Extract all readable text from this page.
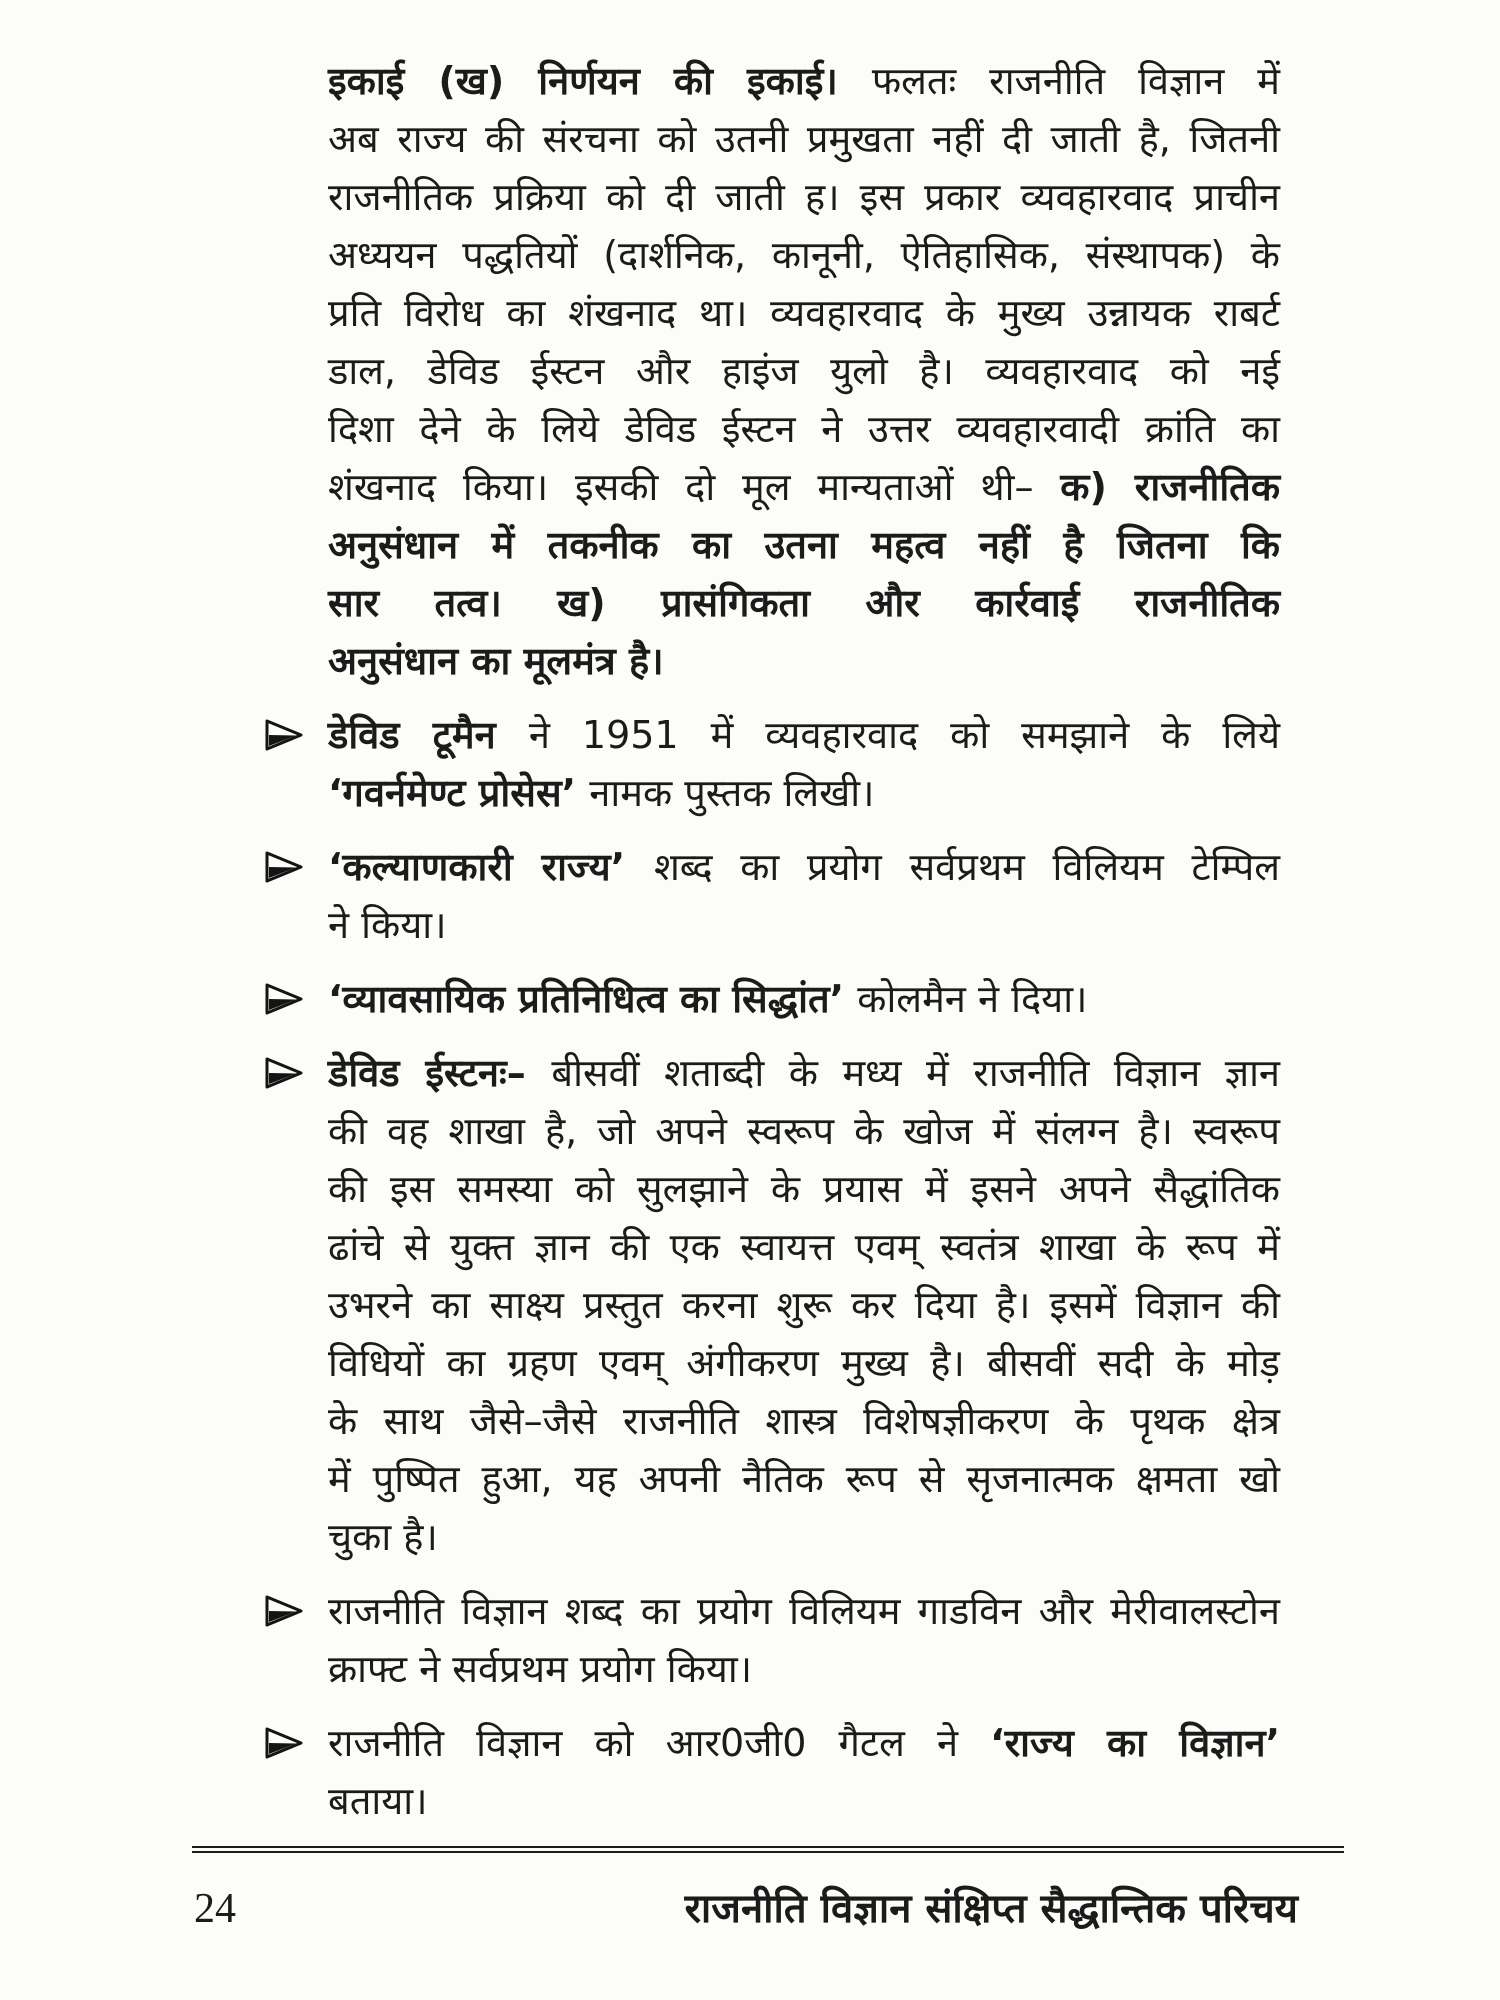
इकाई (ख) निर्णयन की इकाई। फलतः राजनीति विज्ञान में
अब राज्य की संरचना को उतनी प्रमुखता नहीं दी जाती है, जितनी
राजनीतिक प्रक्रिया को दी जाती ह। इस प्रकार व्यवहारवाद प्राचीन
अध्ययन पद्धतियों (दार्शनिक, कानूनी, ऐतिहासिक, संस्थापक) के
प्रति विरोध का शंखनाद था। व्यवहारवाद के मुख्य उन्नायक राबर्ट
डाल, डेविड ईस्टन और हाइंज युलो है। व्यवहारवाद को नई
दिशा देने के लिये डेविड ईस्टन ने उत्तर व्यवहारवादी क्रांति का
शंखनाद किया। इसकी दो मूल मान्यताओं थी– क) राजनीतिक
अनुसंधान में तकनीक का उतना महत्व नहीं है जितना कि
सार तत्व। ख) प्रासंगिकता और कार्रवाई राजनीतिक
अनुसंधान का मूलमंत्र है।
डेविड टूमैन ने 1951 में व्यवहारवाद को समझाने के लिये
‘गवर्नमेण्ट प्रोसेस’ नामक पुस्तक लिखी।
‘कल्याणकारी राज्य’ शब्द का प्रयोग सर्वप्रथम विलियम टेम्पिल
ने किया।
‘व्यावसायिक प्रतिनिधित्व का सिद्धांत’ कोलमैन ने दिया।
डेविड ईस्टनः– बीसवीं शताब्दी के मध्य में राजनीति विज्ञान ज्ञान
की वह शाखा है, जो अपने स्वरूप के खोज में संलग्न है। स्वरूप
की इस समस्या को सुलझाने के प्रयास में इसने अपने सैद्धांतिक
ढांचे से युक्त ज्ञान की एक स्वायत्त एवम् स्वतंत्र शाखा के रूप में
उभरने का साक्ष्य प्रस्तुत करना शुरू कर दिया है। इसमें विज्ञान की
विधियों का ग्रहण एवम् अंगीकरण मुख्य है। बीसवीं सदी के मोड़
के साथ जैसे–जैसे राजनीति शास्त्र विशेषज्ञीकरण के पृथक क्षेत्र
में पुष्पित हुआ, यह अपनी नैतिक रूप से सृजनात्मक क्षमता खो
चुका है।
राजनीति विज्ञान शब्द का प्रयोग विलियम गाडविन और मेरीवालस्टोन
क्राफ्ट ने सर्वप्रथम प्रयोग किया।
राजनीति विज्ञान को आर0जी0 गैटल ने ‘राज्य का विज्ञान’
बताया।
24	राजनीति विज्ञान संक्षिप्त सैद्धान्तिक परिचय
